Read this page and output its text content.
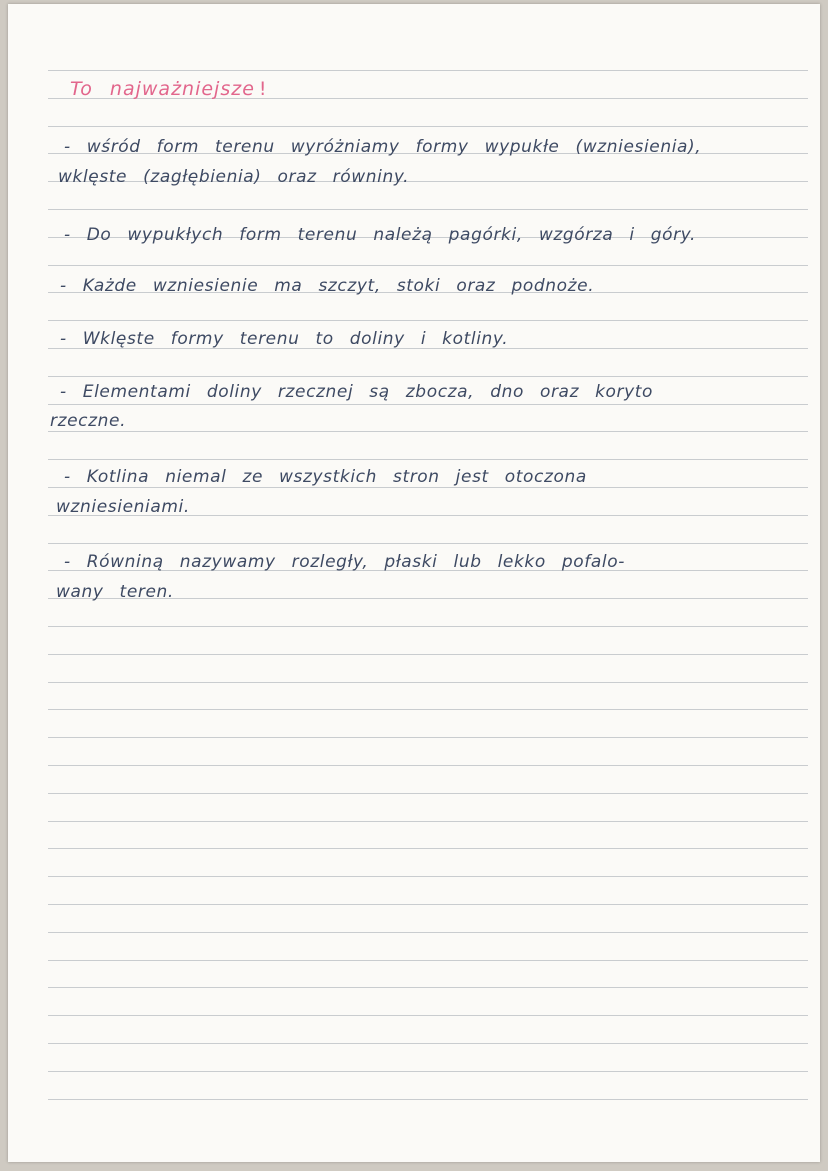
To najważniejsze !
- wśród form terenu wyróżniamy formy wypukłe (wzniesienia),
wklęste (zagłębienia) oraz równiny.
- Do wypukłych form terenu należą pagórki, wzgórza i góry.
- Każde wzniesienie ma szczyt, stoki oraz podnoże.
- Wklęste formy terenu to doliny i kotliny.
- Elementami doliny rzecznej są zbocza, dno oraz koryto
rzeczne.
- Kotlina niemal ze wszystkich stron jest otoczona
wzniesieniami.
- Równiną nazywamy rozległy, płaski lub lekko pofalo-
wany teren.
